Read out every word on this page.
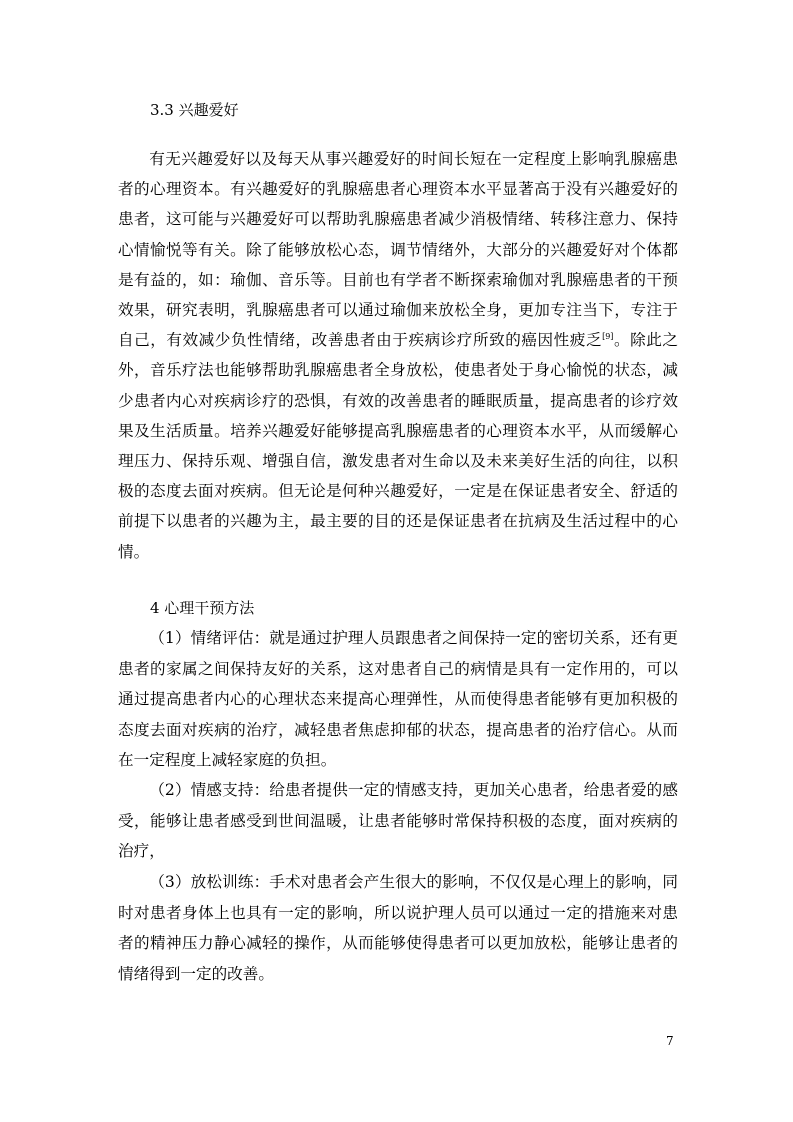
3.3 兴趣爱好

有无兴趣爱好以及每天从事兴趣爱好的时间长短在一定程度上影响乳腺癌患者的心理资本。有兴趣爱好的乳腺癌患者心理资本水平显著高于没有兴趣爱好的患者，这可能与兴趣爱好可以帮助乳腺癌患者减少消极情绪、转移注意力、保持心情愉悦等有关。除了能够放松心态，调节情绪外，大部分的兴趣爱好对个体都是有益的，如：瑜伽、音乐等。目前也有学者不断探索瑜伽对乳腺癌患者的干预效果，研究表明，乳腺癌患者可以通过瑜伽来放松全身，更加专注当下，专注于自己，有效减少负性情绪，改善患者由于疾病诊疗所致的癌因性疲乏[9]。除此之外，音乐疗法也能够帮助乳腺癌患者全身放松，使患者处于身心愉悦的状态，减少患者内心对疾病诊疗的恐惧，有效的改善患者的睡眠质量，提高患者的诊疗效果及生活质量。培养兴趣爱好能够提高乳腺癌患者的心理资本水平，从而缓解心理压力、保持乐观、增强自信，激发患者对生命以及未来美好生活的向往，以积极的态度去面对疾病。但无论是何种兴趣爱好，一定是在保证患者安全、舒适的前提下以患者的兴趣为主，最主要的目的还是保证患者在抗病及生活过程中的心情。

4 心理干预方法

（1）情绪评估：就是通过护理人员跟患者之间保持一定的密切关系，还有更患者的家属之间保持友好的关系，这对患者自己的病情是具有一定作用的，可以通过提高患者内心的心理状态来提高心理弹性，从而使得患者能够有更加积极的态度去面对疾病的治疗，减轻患者焦虑抑郁的状态，提高患者的治疗信心。从而在一定程度上减轻家庭的负担。

（2）情感支持：给患者提供一定的情感支持，更加关心患者，给患者爱的感受，能够让患者感受到世间温暖，让患者能够时常保持积极的态度，面对疾病的治疗，

（3）放松训练：手术对患者会产生很大的影响，不仅仅是心理上的影响，同时对患者身体上也具有一定的影响，所以说护理人员可以通过一定的措施来对患者的精神压力静心减轻的操作，从而能够使得患者可以更加放松，能够让患者的情绪得到一定的改善。

7
